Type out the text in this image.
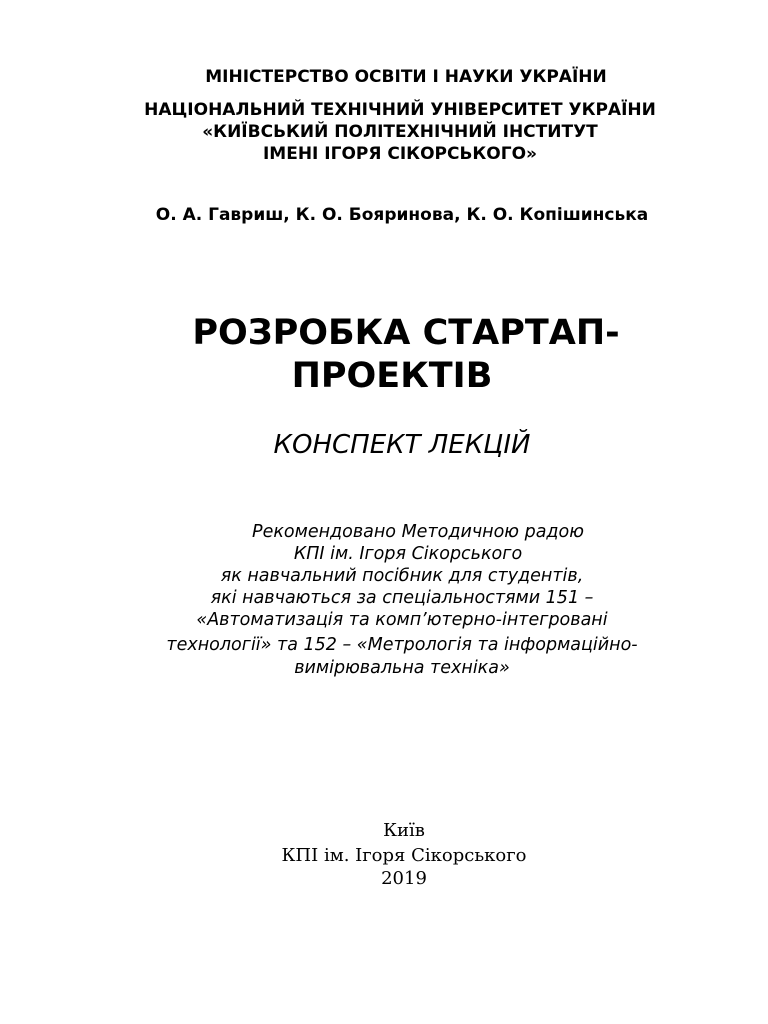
МІНІСТЕРСТВО ОСВІТИ І НАУКИ УКРАЇНИ
НАЦІОНАЛЬНИЙ ТЕХНІЧНИЙ УНІВЕРСИТЕТ УКРАЇНИ
«КИЇВСЬКИЙ ПОЛІТЕХНІЧНИЙ ІНСТИТУТ
ІМЕНІ ІГОРЯ СІКОРСЬКОГО»
О. А. Гавриш, К. О. Бояринова, К. О. Копішинська
РОЗРОБКА СТАРТАП-
ПРОЕКТІВ
КОНСПЕКТ ЛЕКЦІЙ
Рекомендовано Методичною радою
КПІ ім. Ігоря Сікорського
як навчальний посібник для студентів,
які навчаються за спеціальностями 151 –
«Автоматизація та комп’ютерно-інтегровані
технології» та 152 – «Метрологія та інформаційно-
вимірювальна техніка»
Київ
КПІ ім. Ігоря Сікорського
2019
